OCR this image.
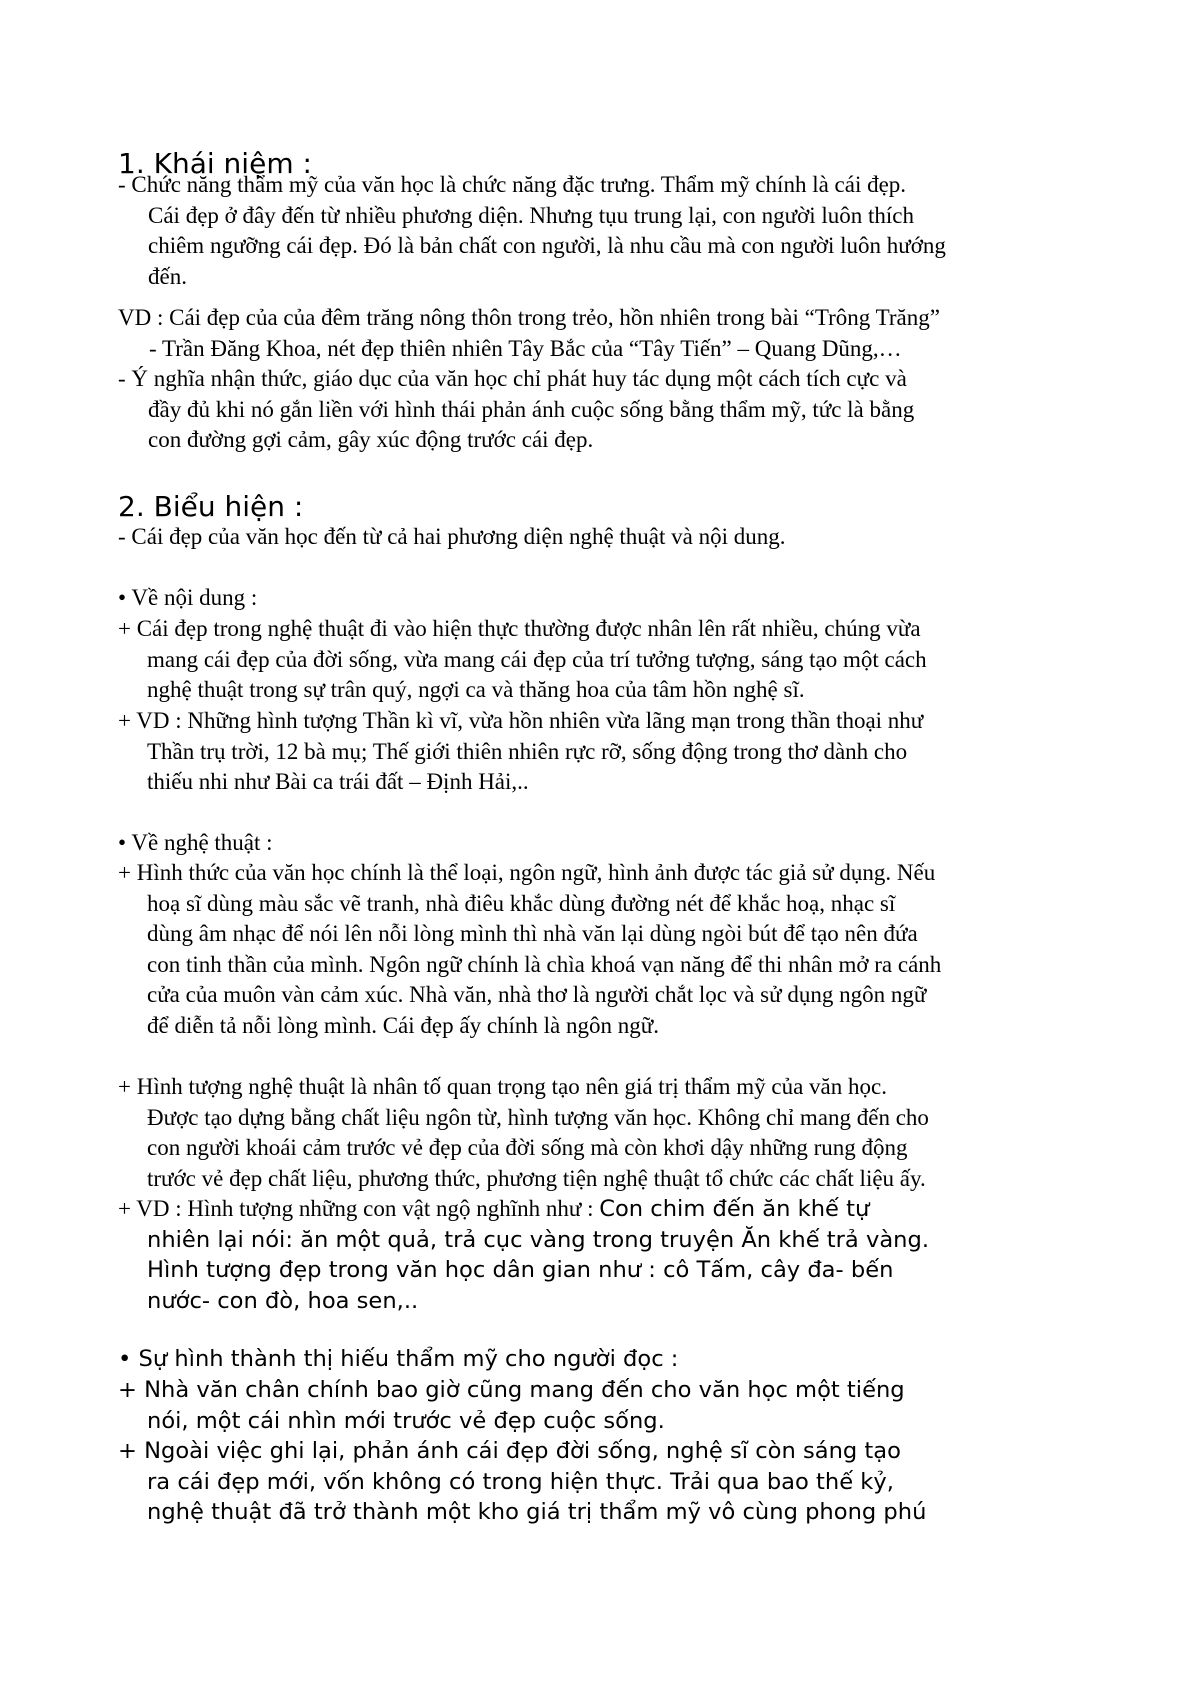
1. Khái niệm :
- Chức năng thẩm mỹ của văn học là chức năng đặc trưng. Thẩm mỹ chính là cái đẹp.
Cái đẹp ở đây đến từ nhiều phương diện. Nhưng tụu trung lại, con người luôn thích
chiêm ngưỡng cái đẹp. Đó là bản chất con người, là nhu cầu mà con người luôn hướng
đến.
VD : Cái đẹp của của đêm trăng nông thôn trong trẻo, hồn nhiên trong bài “Trông Trăng”
- Trần Đăng Khoa, nét đẹp thiên nhiên Tây Bắc của “Tây Tiến” – Quang Dũng,…
- Ý nghĩa nhận thức, giáo dục của văn học chỉ phát huy tác dụng một cách tích cực và
đầy đủ khi nó gắn liền với hình thái phản ánh cuộc sống bằng thẩm mỹ, tức là bằng
con đường gợi cảm, gây xúc động trước cái đẹp.
2. Biểu hiện :
- Cái đẹp của văn học đến từ cả hai phương diện nghệ thuật và nội dung.
• Về nội dung :
+ Cái đẹp trong nghệ thuật đi vào hiện thực thường được nhân lên rất nhiều, chúng vừa
mang cái đẹp của đời sống, vừa mang cái đẹp của trí tưởng tượng, sáng tạo một cách
nghệ thuật trong sự trân quý, ngợi ca và thăng hoa của tâm hồn nghệ sĩ.
+ VD : Những hình tượng Thần kì vĩ, vừa hồn nhiên vừa lãng mạn trong thần thoại như
Thần trụ trời, 12 bà mụ; Thế giới thiên nhiên rực rỡ, sống động trong thơ dành cho
thiếu nhi như Bài ca trái đất – Định Hải,..
• Về nghệ thuật :
+ Hình thức của văn học chính là thể loại, ngôn ngữ, hình ảnh được tác giả sử dụng. Nếu
hoạ sĩ dùng màu sắc vẽ tranh, nhà điêu khắc dùng đường nét để khắc hoạ, nhạc sĩ
dùng âm nhạc để nói lên nỗi lòng mình thì nhà văn lại dùng ngòi bút để tạo nên đứa
con tinh thần của mình. Ngôn ngữ chính là chìa khoá vạn năng để thi nhân mở ra cánh
cửa của muôn vàn cảm xúc. Nhà văn, nhà thơ là người chắt lọc và sử dụng ngôn ngữ
để diễn tả nỗi lòng mình. Cái đẹp ấy chính là ngôn ngữ.
+ Hình tượng nghệ thuật là nhân tố quan trọng tạo nên giá trị thẩm mỹ của văn học.
Được tạo dựng bằng chất liệu ngôn từ, hình tượng văn học. Không chỉ mang đến cho
con người khoái cảm trước vẻ đẹp của đời sống mà còn khơi dậy những rung động
trước vẻ đẹp chất liệu, phương thức, phương tiện nghệ thuật tổ chức các chất liệu ấy.
+ VD : Hình tượng những con vật ngộ nghĩnh như : Con chim đến ăn khế tự
nhiên lại nói: ăn một quả, trả cục vàng trong truyện Ăn khế trả vàng.
Hình tượng đẹp trong văn học dân gian như : cô Tấm, cây đa- bến
nước- con đò, hoa sen,..
• Sự hình thành thị hiếu thẩm mỹ cho người đọc :
+ Nhà văn chân chính bao giờ cũng mang đến cho văn học một tiếng
nói, một cái nhìn mới trước vẻ đẹp cuộc sống.
+ Ngoài việc ghi lại, phản ánh cái đẹp đời sống, nghệ sĩ còn sáng tạo
ra cái đẹp mới, vốn không có trong hiện thực. Trải qua bao thế kỷ,
nghệ thuật đã trở thành một kho giá trị thẩm mỹ vô cùng phong phú
